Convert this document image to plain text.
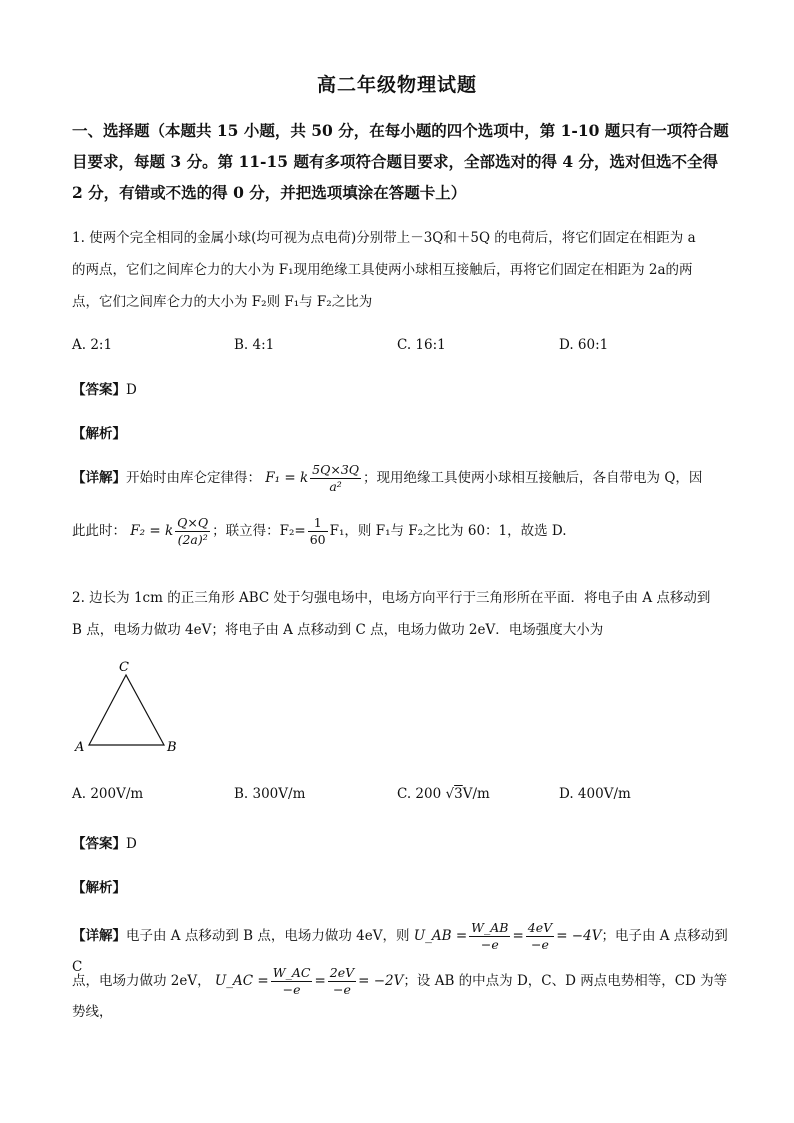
高二年级物理试题
一、选择题（本题共 15 小题，共 50 分，在每小题的四个选项中，第 1-10 题只有一项符合题
目要求，每题 3 分。第 11-15 题有多项符合题目要求，全部选对的得 4 分，选对但选不全得
2 分，有错或不选的得 0 分，并把选项填涂在答题卡上）
1. 使两个完全相同的金属小球(均可视为点电荷)分别带上－3Q和＋5Q 的电荷后，将它们固定在相距为 a
的两点，它们之间库仑力的大小为 F₁现用绝缘工具使两小球相互接触后，再将它们固定在相距为 2a的两
点，它们之间库仑力的大小为 F₂则 F₁与 F₂之比为
A. 2:1	B. 4:1	C. 16:1	D. 60:1
【答案】D
【解析】
【详解】开始时由库仑定律得： F₁ = k $\frac{5Q\times 3Q}{\text{a²}}$ ；现用绝缘工具使两小球相互接触后，各自带电为 Q，因
此此时： F₂ = k $\frac{Q\times Q}{\text{(2a)²}}$ ；联立得：$F_2= \frac{1}{60} F_1$，则 F₁与 F₂之比为 60：1，故选 D.
2. 边长为 1cm 的正三角形 ABC 处于匀强电场中，电场方向平行于三角形所在平面．将电子由 A 点移动到
B 点，电场力做功 4eV；将电子由 A 点移动到 C 点，电场力做功 2eV．电场强度大小为
C
A	B
A. 200V/m	B. 300V/m	C. 200 √3V/m	D. 400V/m
【答案】D
【解析】
【详解】电子由 A 点移动到 B 点，电场力做功 4eV，则 U_AB = $\frac{W\_AB}{-e} = \frac{4eV}{-e} = -4V$；电子由 A 点移动到 C
点，电场力做功 2eV， U_AC = $\frac{W\_AC}{-e} = \frac{2eV}{-e} = -2V$；设 AB 的中点为 D，C、D 两点电势相等，CD 为等势线，
